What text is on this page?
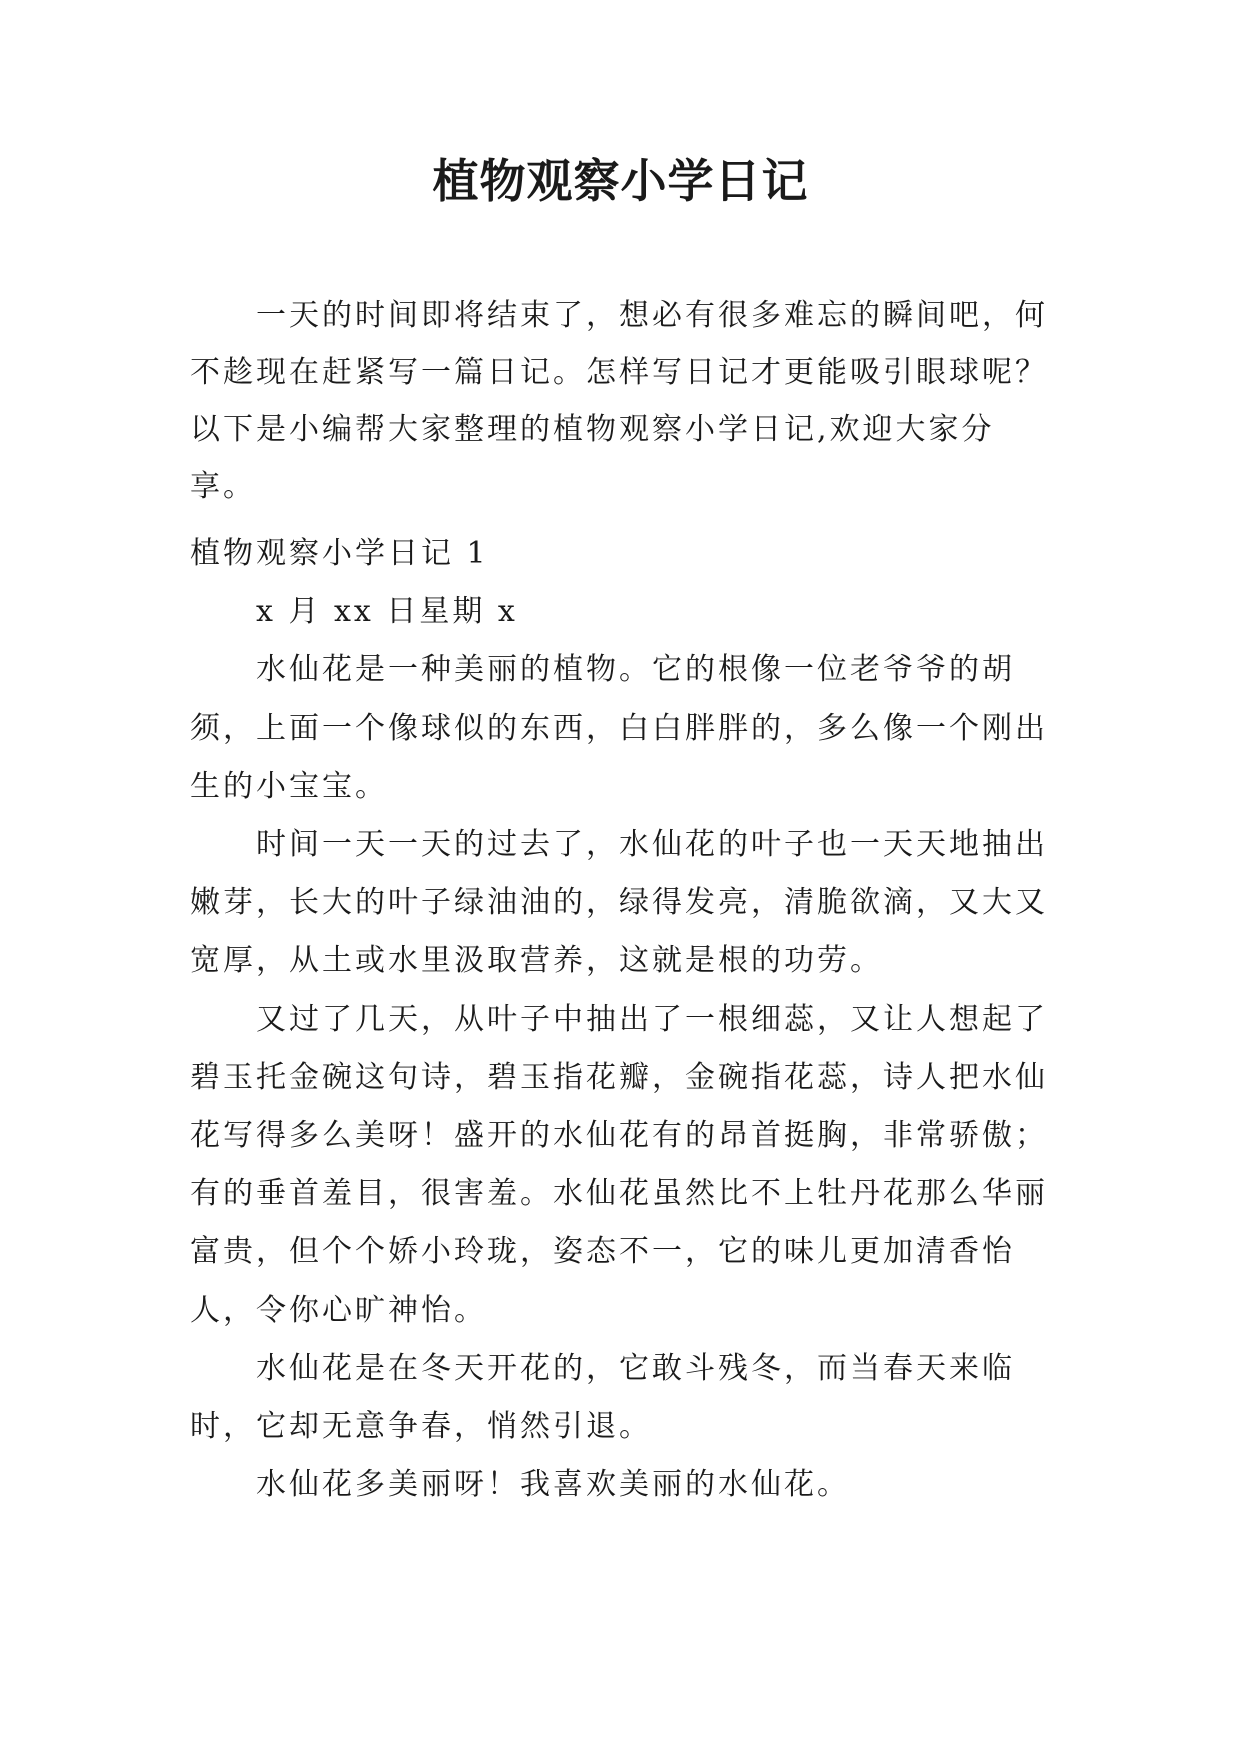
植物观察小学日记

一天的时间即将结束了，想必有很多难忘的瞬间吧，何不趁现在赶紧写一篇日记。怎样写日记才更能吸引眼球呢？以下是小编帮大家整理的植物观察小学日记,欢迎大家分享。

植物观察小学日记 1

x 月 xx 日星期 x

水仙花是一种美丽的植物。它的根像一位老爷爷的胡须，上面一个像球似的东西，白白胖胖的，多么像一个刚出生的小宝宝。

时间一天一天的过去了，水仙花的叶子也一天天地抽出嫩芽，长大的叶子绿油油的，绿得发亮，清脆欲滴，又大又宽厚，从土或水里汲取营养，这就是根的功劳。

又过了几天，从叶子中抽出了一根细蕊，又让人想起了碧玉托金碗这句诗，碧玉指花瓣，金碗指花蕊，诗人把水仙花写得多么美呀！盛开的水仙花有的昂首挺胸，非常骄傲；有的垂首羞目，很害羞。水仙花虽然比不上牡丹花那么华丽富贵，但个个娇小玲珑，姿态不一，它的味儿更加清香怡人，令你心旷神怡。

水仙花是在冬天开花的，它敢斗残冬，而当春天来临时，它却无意争春，悄然引退。

水仙花多美丽呀！我喜欢美丽的水仙花。
